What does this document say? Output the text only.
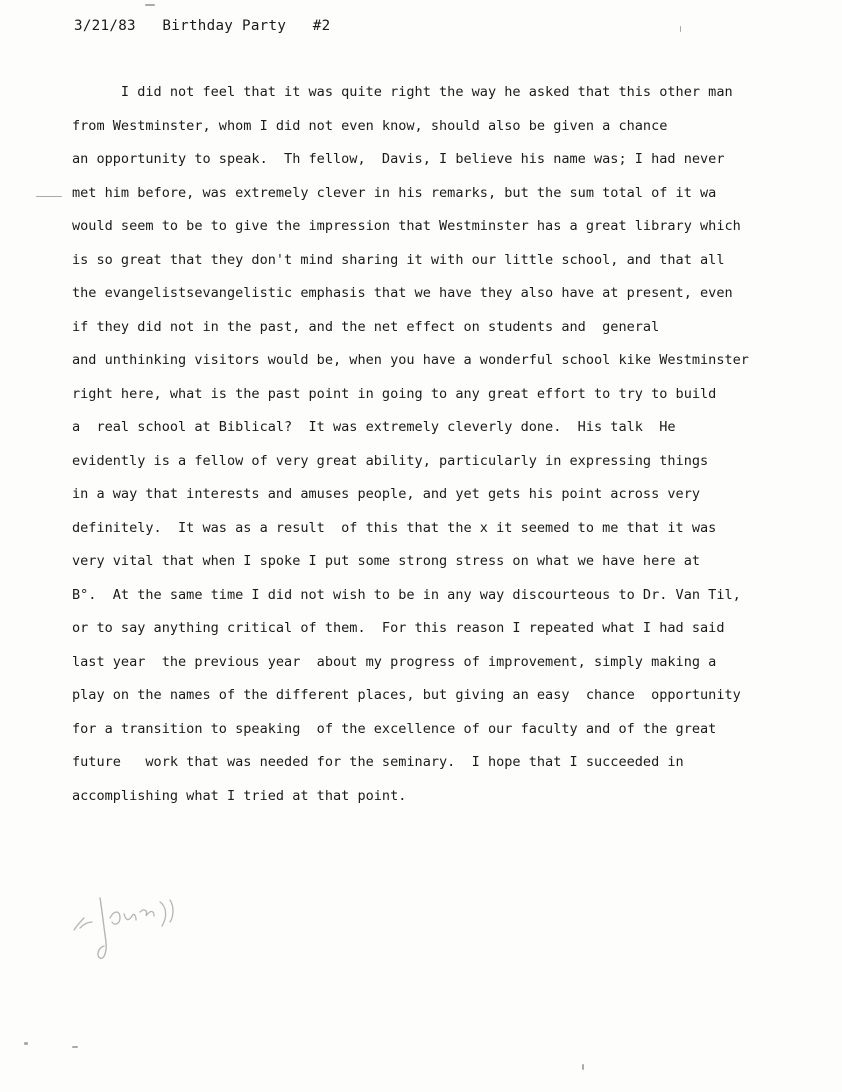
3/21/83   Birthday Party   #2
I did not feel that it was quite right the way he asked that this other man
from Westminster, whom I did not even know, should also be given a chance
an opportunity to speak.  Th fellow,  Davis, I believe his name was; I had never
met him before, was extremely clever in his remarks, but the sum total of it wa
would seem to be to give the impression that Westminster has a great library which
is so great that they don't mind sharing it with our little school, and that all
the evangelistsevangelistic emphasis that we have they also have at present, even
if they did not in the past, and the net effect on students and  general
and unthinking visitors would be, when you have a wonderful school kike Westminster
right here, what is the past point in going to any great effort to try to build
a  real school at Biblical?  It was extremely cleverly done.  His talk  He
evidently is a fellow of very great ability, particularly in expressing things
in a way that interests and amuses people, and yet gets his point across very
definitely.  It was as a result  of this that the x it seemed to me that it was
very vital that when I spoke I put some strong stress on what we have here at
B°.  At the same time I did not wish to be in any way discourteous to Dr. Van Til,
or to say anything critical of them.  For this reason I repeated what I had said
last year  the previous year  about my progress of improvement, simply making a
play on the names of the different places, but giving an easy  chance  opportunity
for a transition to speaking  of the excellence of our faculty and of the great
future   work that was needed for the seminary.  I hope that I succeeded in
accomplishing what I tried at that point.
